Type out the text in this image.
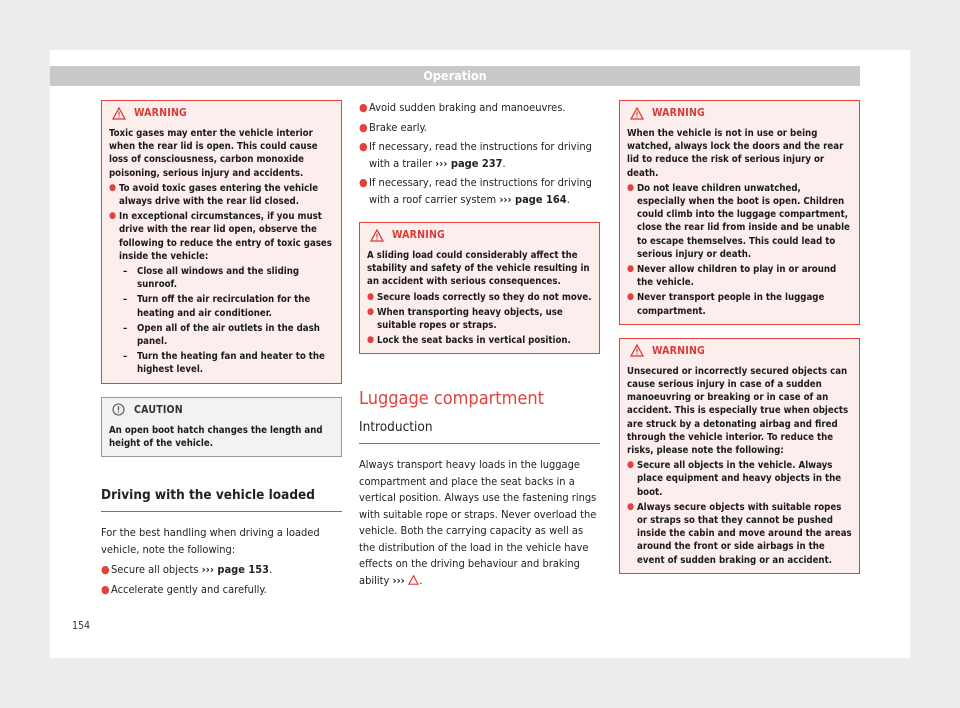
Operation
WARNING

Toxic gases may enter the vehicle interior when the rear lid is open. This could cause loss of consciousness, carbon monoxide poisoning, serious injury and accidents.

● To avoid toxic gases entering the vehicle always drive with the rear lid closed.
● In exceptional circumstances, if you must drive with the rear lid open, observe the following to reduce the entry of toxic gases inside the vehicle:
–	Close all windows and the sliding sunroof.
–	Turn off the air recirculation for the heating and air conditioner.
–	Open all of the air outlets in the dash panel.
–	Turn the heating fan and heater to the highest level.
CAUTION

An open boot hatch changes the length and height of the vehicle.

Driving with the vehicle loaded

For the best handling when driving a loaded vehicle, note the following:

● Secure all objects ››› page 153.
● Accelerate gently and carefully.
● Avoid sudden braking and manoeuvres.
● Brake early.
● If necessary, read the instructions for driving with a trailer ››› page 237.
● If necessary, read the instructions for driving with a roof carrier system ››› page 164.
WARNING

A sliding load could considerably affect the stability and safety of the vehicle resulting in an accident with serious consequences.

● Secure loads correctly so they do not move.
● When transporting heavy objects, use suitable ropes or straps.
● Lock the seat backs in vertical position.
Luggage compartment
Introduction
Always transport heavy loads in the luggage compartment and place the seat backs in a vertical position. Always use the fastening rings with suitable rope or straps. Never overload the vehicle. Both the carrying capacity as well as the distribution of the load in the vehicle have effects on the driving behaviour and braking ability ››› .
WARNING

When the vehicle is not in use or being watched, always lock the doors and the rear lid to reduce the risk of serious injury or death.

● Do not leave children unwatched, especially when the boot is open. Children could climb into the luggage compartment, close the rear lid from inside and be unable to escape themselves. This could lead to serious injury or death.
● Never allow children to play in or around the vehicle.
● Never transport people in the luggage compartment.
WARNING

Unsecured or incorrectly secured objects can cause serious injury in case of a sudden manoeuvring or breaking or in case of an accident. This is especially true when objects are struck by a detonating airbag and fired through the vehicle interior. To reduce the risks, please note the following:

● Secure all objects in the vehicle. Always place equipment and heavy objects in the boot.
● Always secure objects with suitable ropes or straps so that they cannot be pushed inside the cabin and move around the areas around the front or side airbags in the event of sudden braking or an accident.
154
